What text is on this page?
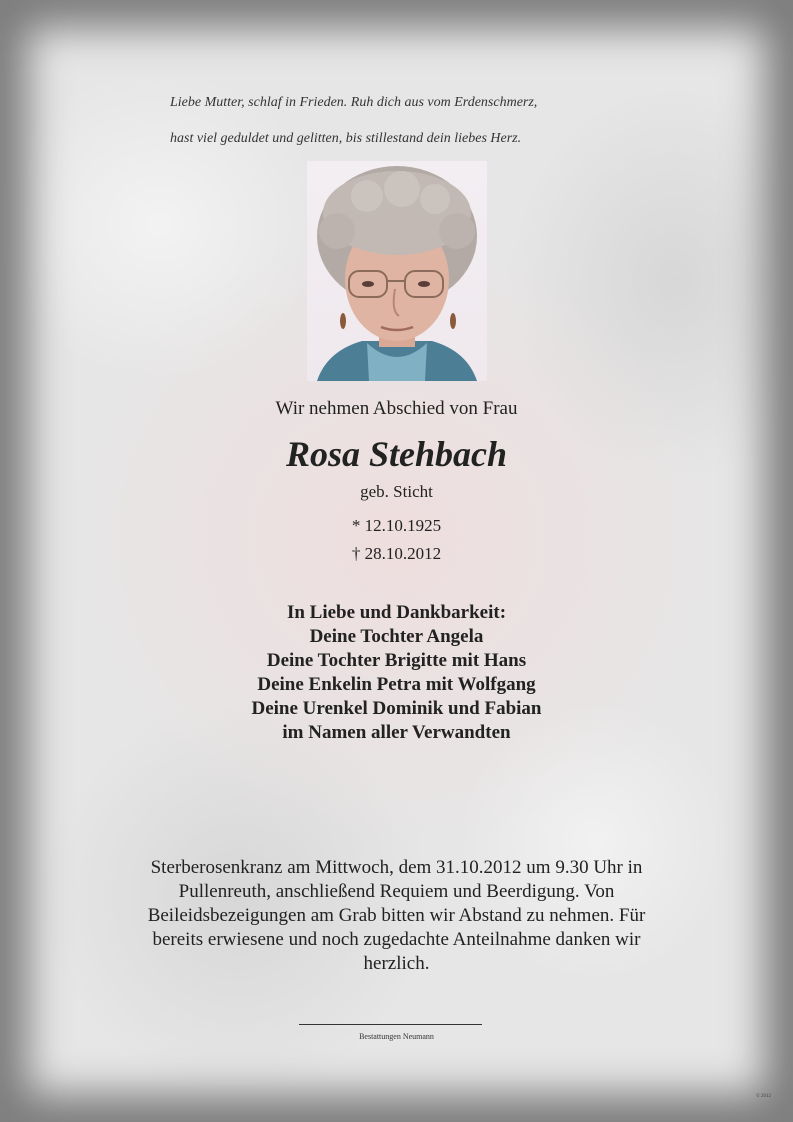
Liebe Mutter, schlaf in Frieden. Ruh dich aus vom Erdenschmerz,

hast viel geduldet und gelitten, bis stillestand dein liebes Herz.

Wir nehmen Abschied von Frau
Rosa Stehbach
geb. Sticht
* 12.10.1925
† 28.10.2012
In Liebe und Dankbarkeit:
Deine Tochter Angela
Deine Tochter Brigitte mit Hans
Deine Enkelin Petra mit Wolfgang
Deine Urenkel Dominik und Fabian
im Namen aller Verwandten
Sterberosenkranz am Mittwoch, dem 31.10.2012 um 9.30 Uhr in
Pullenreuth, anschließend Requiem und Beerdigung. Von
Beileidsbezeigungen am Grab bitten wir Abstand zu nehmen. Für
bereits erwiesene und noch zugedachte Anteilnahme danken wir
herzlich.
Bestattungen Neumann
© 2012
